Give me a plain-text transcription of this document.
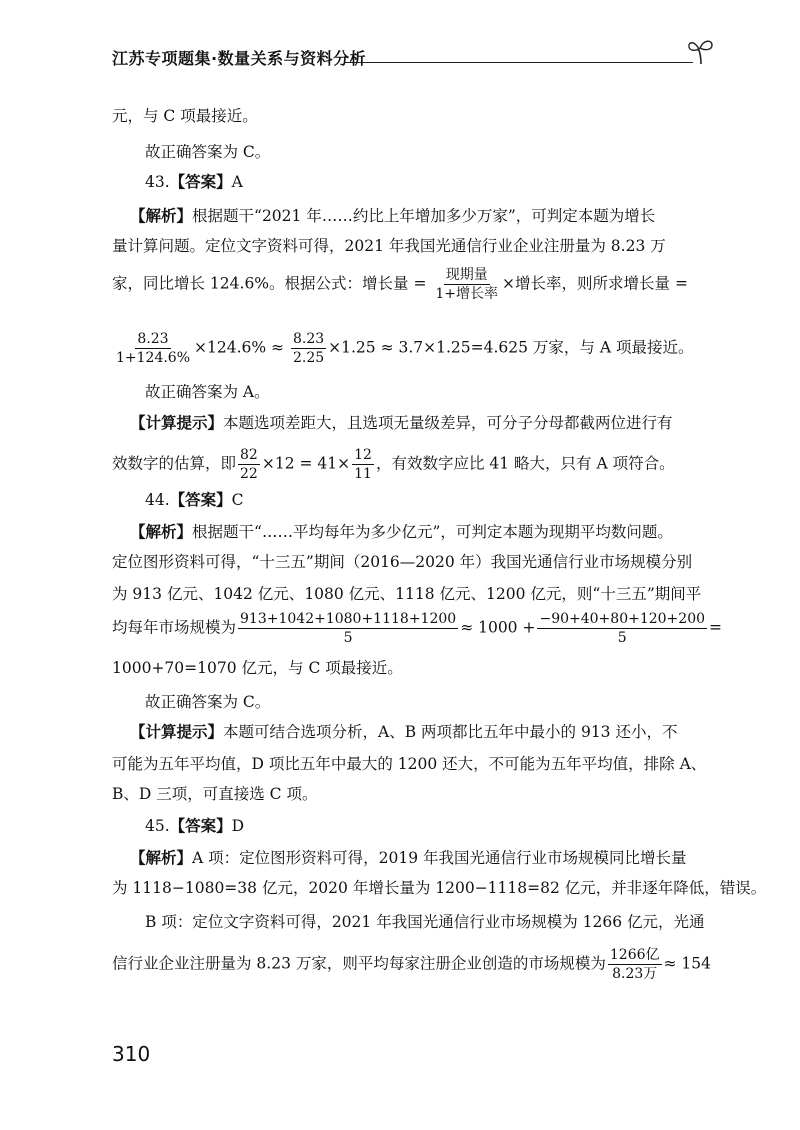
江苏专项题集·数量关系与资料分析
元，与 C 项最接近。
故正确答案为 C。
43.【答案】A
【解析】根据题干“2021 年……约比上年增加多少万家”，可判定本题为增长
量计算问题。定位文字资料可得，2021 年我国光通信行业企业注册量为 8.23 万
家，同比增长 124.6%。根据公式：增长量 = $\frac{\text{现期量}}{\text{1+增长率}}$ ×增长率，则所求增长量 =
$\frac{8.23}{1+124.6\%} \times 124.6\% \approx \frac{8.23}{2.25} \times 1.25 \approx 3.7\times 1.25=4.625$ 万家，与 A 项最接近。
故正确答案为 A。
【计算提示】本题选项差距大，且选项无量级差异，可分子分母都截两位进行有
效数字的估算，即 $\frac{82}{22} \times 12 = 41\times \frac{12}{11}$ ，有效数字应比 41 略大，只有 A 项符合。
44.【答案】C
【解析】根据题干“……平均每年为多少亿元”，可判定本题为现期平均数问题。
定位图形资料可得，“十三五”期间（2016—2020 年）我国光通信行业市场规模分别
为 913 亿元、1042 亿元、1080 亿元、1118 亿元、1200 亿元，则“十三五”期间平
均每年市场规模为 $\frac{913+1042+1080+1118+1200}{5} \approx 1000 + \frac{-90+40+80+120+200}{5}$ =
1000+70=1070 亿元，与 C 项最接近。
故正确答案为 C。
【计算提示】本题可结合选项分析，A、B 两项都比五年中最小的 913 还小，不
可能为五年平均值，D 项比五年中最大的 1200 还大，不可能为五年平均值，排除 A、
B、D 三项，可直接选 C 项。
45.【答案】D
【解析】A 项：定位图形资料可得，2019 年我国光通信行业市场规模同比增长量
为 1118−1080=38 亿元，2020 年增长量为 1200−1118=82 亿元，并非逐年降低，错误。
B 项：定位文字资料可得，2021 年我国光通信行业市场规模为 1266 亿元，光通
信行业企业注册量为 8.23 万家，则平均每家注册企业创造的市场规模为 $\frac{\text{1266亿}}{\text{8.23万}} \approx 154$
310
